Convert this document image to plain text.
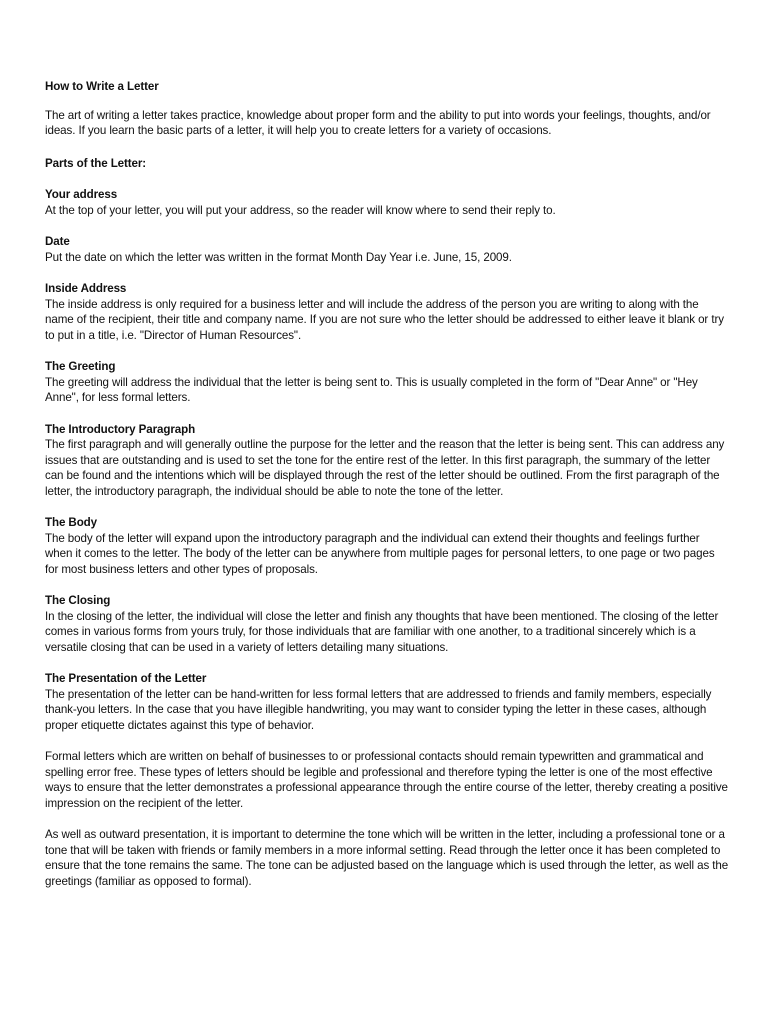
How to Write a Letter
The art of writing a letter takes practice, knowledge about proper form and the ability to put into words your feelings, thoughts, and/or ideas. If you learn the basic parts of a letter, it will help you to create letters for a variety of occasions.
Parts of the Letter:
Your address
At the top of your letter, you will put your address, so the reader will know where to send their reply to.
Date
Put the date on which the letter was written in the format Month Day Year i.e. June, 15, 2009.
Inside Address
The inside address is only required for a business letter and will include the address of the person you are writing to along with the name of the recipient, their title and company name. If you are not sure who the letter should be addressed to either leave it blank or try to put in a title, i.e. "Director of Human Resources".
The Greeting
The greeting will address the individual that the letter is being sent to. This is usually completed in the form of "Dear Anne" or "Hey Anne", for less formal letters.
The Introductory Paragraph
The first paragraph and will generally outline the purpose for the letter and the reason that the letter is being sent. This can address any issues that are outstanding and is used to set the tone for the entire rest of the letter. In this first paragraph, the summary of the letter can be found and the intentions which will be displayed through the rest of the letter should be outlined. From the first paragraph of the letter, the introductory paragraph, the individual should be able to note the tone of the letter.
The Body
The body of the letter will expand upon the introductory paragraph and the individual can extend their thoughts and feelings further when it comes to the letter. The body of the letter can be anywhere from multiple pages for personal letters, to one page or two pages for most business letters and other types of proposals.
The Closing
In the closing of the letter, the individual will close the letter and finish any thoughts that have been mentioned. The closing of the letter comes in various forms from yours truly, for those individuals that are familiar with one another, to a traditional sincerely which is a versatile closing that can be used in a variety of letters detailing many situations.
The Presentation of the Letter
The presentation of the letter can be hand-written for less formal letters that are addressed to friends and family members, especially thank-you letters. In the case that you have illegible handwriting, you may want to consider typing the letter in these cases, although proper etiquette dictates against this type of behavior.
Formal letters which are written on behalf of businesses to or professional contacts should remain typewritten and grammatical and spelling error free. These types of letters should be legible and professional and therefore typing the letter is one of the most effective ways to ensure that the letter demonstrates a professional appearance through the entire course of the letter, thereby creating a positive impression on the recipient of the letter.
As well as outward presentation, it is important to determine the tone which will be written in the letter, including a professional tone or a tone that will be taken with friends or family members in a more informal setting. Read through the letter once it has been completed to ensure that the tone remains the same. The tone can be adjusted based on the language which is used through the letter, as well as the greetings (familiar as opposed to formal).
